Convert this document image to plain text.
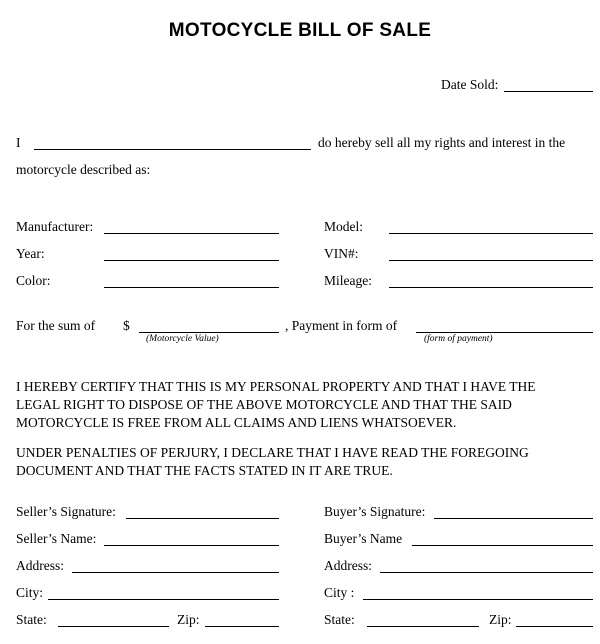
MOTOCYCLE BILL OF SALE
Date Sold:
I	do hereby sell all my rights and interest in the
motorcycle described as:
Manufacturer:	Model:
Year:	VIN#:
Color:	Mileage:
For the sum of $
(Motorcycle Value)
, Payment in form of
(form of payment)
I HEREBY CERTIFY THAT THIS IS MY PERSONAL PROPERTY AND THAT I HAVE THE
LEGAL RIGHT TO DISPOSE OF THE ABOVE MOTORCYCLE AND THAT THE SAID
MOTORCYCLE IS FREE FROM ALL CLAIMS AND LIENS WHATSOEVER.
UNDER PENALTIES OF PERJURY, I DECLARE THAT I HAVE READ THE FOREGOING
DOCUMENT AND THAT THE FACTS STATED IN IT ARE TRUE.
Seller’s Signature:
Seller’s Name:
Address:
City:
State:	Zip:
Buyer’s Signature:
Buyer’s Name
Address:
City :
State:	Zip:
